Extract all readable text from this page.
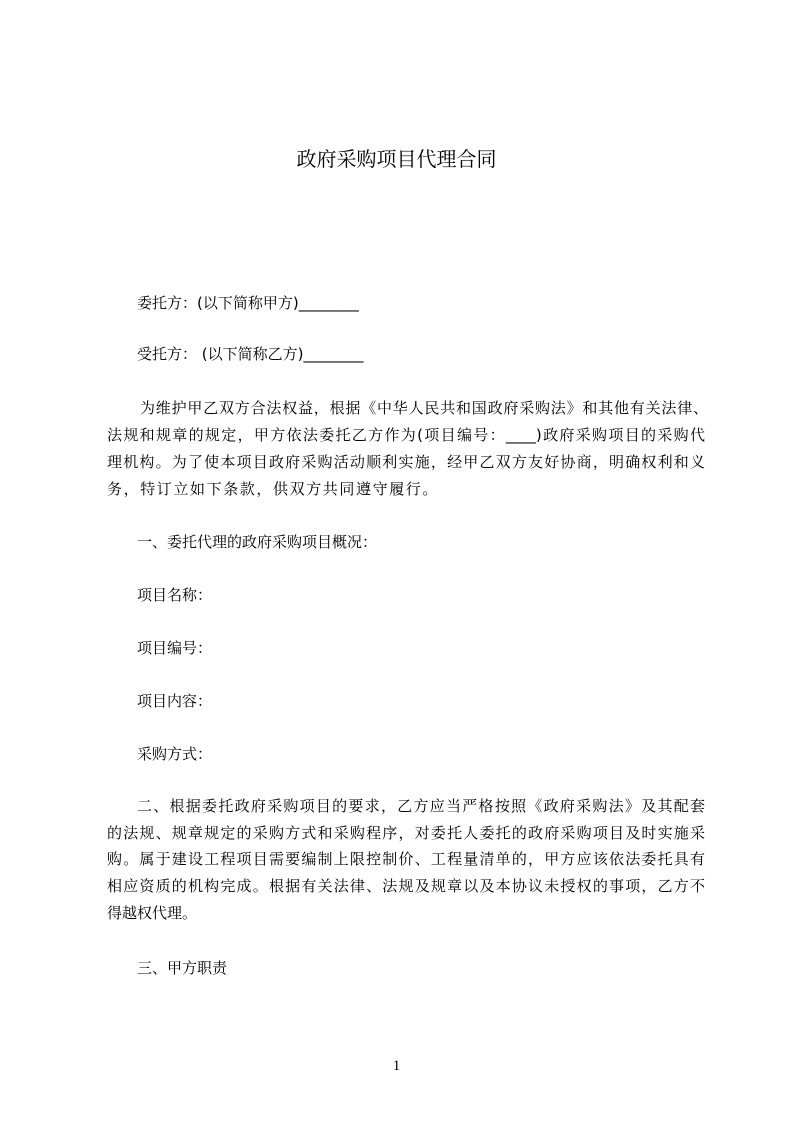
政府采购项目代理合同
委托方：(以下简称甲方)________
受托方： (以下简称乙方)________
为维护甲乙双方合法权益，根据《中华人民共和国政府采购法》和其他有关法律、
法规和规章的规定，甲方依法委托乙方作为(项目编号：____)政府采购项目的采购代
理机构。为了使本项目政府采购活动顺利实施，经甲乙双方友好协商，明确权利和义
务，特订立如下条款，供双方共同遵守履行。
一、委托代理的政府采购项目概况：
项目名称：
项目编号：
项目内容：
采购方式：
二、根据委托政府采购项目的要求，乙方应当严格按照《政府采购法》及其配套
的法规、规章规定的采购方式和采购程序，对委托人委托的政府采购项目及时实施采
购。属于建设工程项目需要编制上限控制价、工程量清单的，甲方应该依法委托具有
相应资质的机构完成。根据有关法律、法规及规章以及本协议未授权的事项，乙方不
得越权代理。
三、甲方职责
1
